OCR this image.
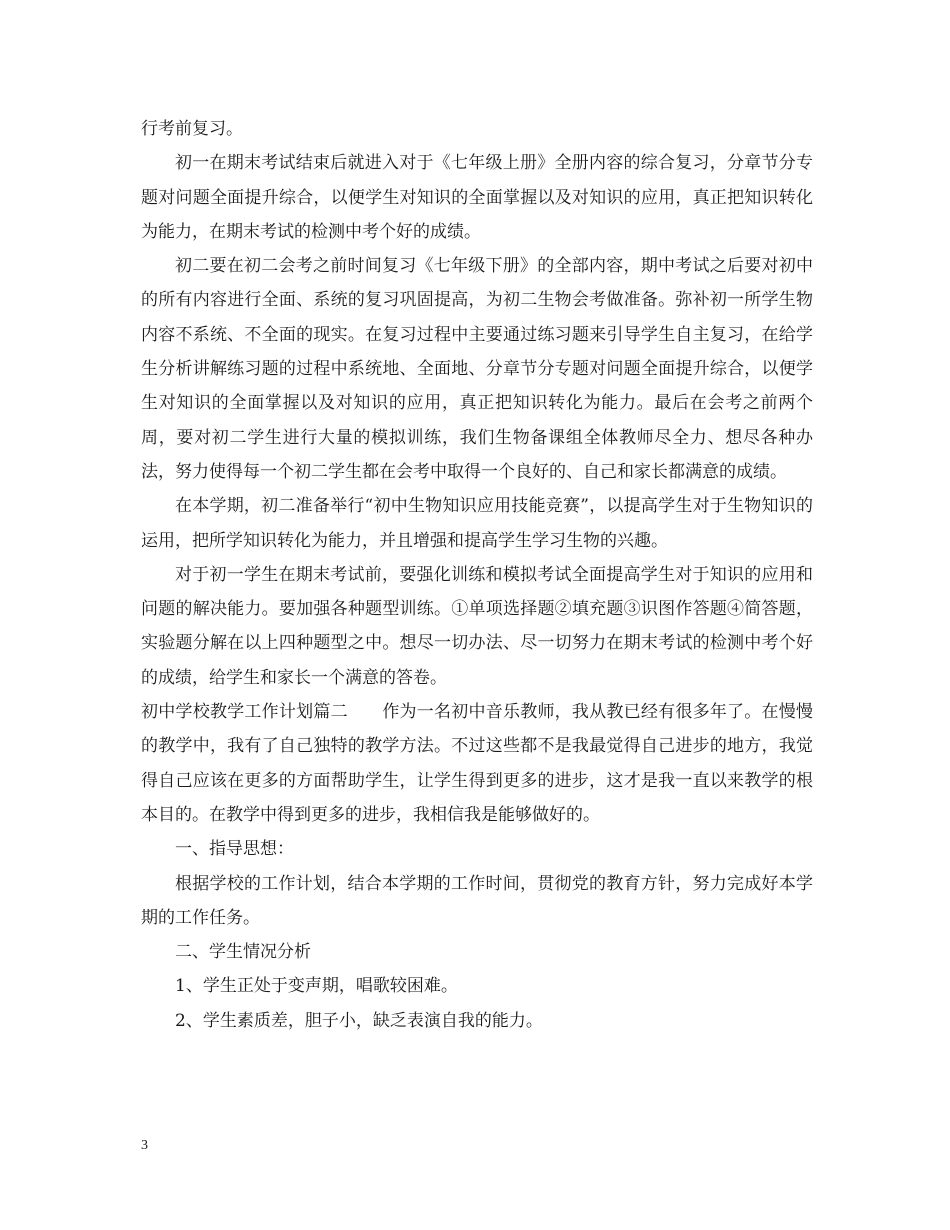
行考前复习。

初一在期末考试结束后就进入对于《七年级上册》全册内容的综合复习，分章节分专题对问题全面提升综合，以便学生对知识的全面掌握以及对知识的应用，真正把知识转化为能力，在期末考试的检测中考个好的成绩。

初二要在初二会考之前时间复习《七年级下册》的全部内容，期中考试之后要对初中的所有内容进行全面、系统的复习巩固提高，为初二生物会考做准备。弥补初一所学生物内容不系统、不全面的现实。在复习过程中主要通过练习题来引导学生自主复习，在给学生分析讲解练习题的过程中系统地、全面地、分章节分专题对问题全面提升综合，以便学生对知识的全面掌握以及对知识的应用，真正把知识转化为能力。最后在会考之前两个周，要对初二学生进行大量的模拟训练，我们生物备课组全体教师尽全力、想尽各种办法，努力使得每一个初二学生都在会考中取得一个良好的、自己和家长都满意的成绩。

在本学期，初二准备举行“初中生物知识应用技能竞赛”，以提高学生对于生物知识的运用，把所学知识转化为能力，并且增强和提高学生学习生物的兴趣。

对于初一学生在期末考试前，要强化训练和模拟考试全面提高学生对于知识的应用和问题的解决能力。要加强各种题型训练。①单项选择题②填充题③识图作答题④简答题，实验题分解在以上四种题型之中。想尽一切办法、尽一切努力在期末考试的检测中考个好的成绩，给学生和家长一个满意的答卷。

初中学校教学工作计划篇二　　作为一名初中音乐教师，我从教已经有很多年了。在慢慢的教学中，我有了自己独特的教学方法。不过这些都不是我最觉得自己进步的地方，我觉得自己应该在更多的方面帮助学生，让学生得到更多的进步，这才是我一直以来教学的根本目的。在教学中得到更多的进步，我相信我是能够做好的。

一、指导思想：

根据学校的工作计划，结合本学期的工作时间，贯彻党的教育方针，努力完成好本学期的工作任务。

二、学生情况分析

1、学生正处于变声期，唱歌较困难。

2、学生素质差，胆子小，缺乏表演自我的能力。

3
